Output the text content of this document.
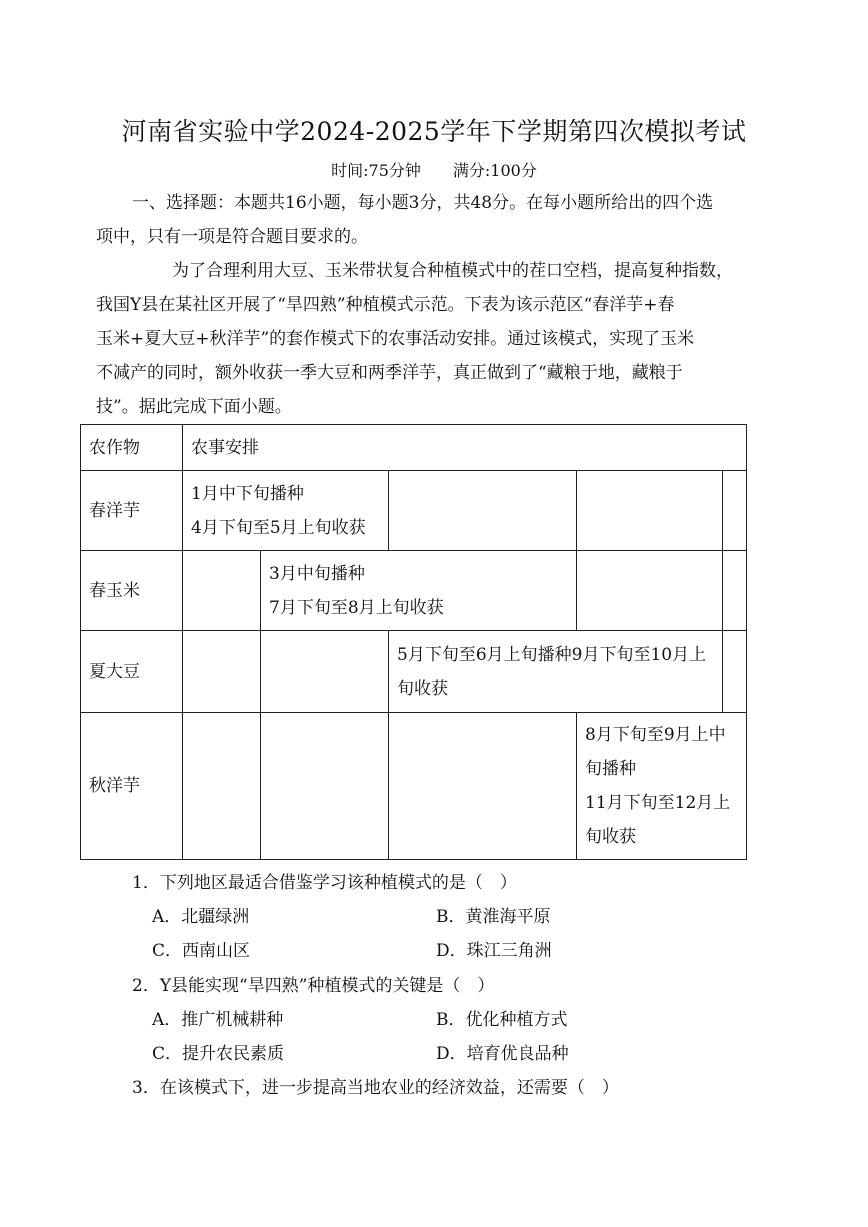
河南省实验中学2024-2025学年下学期第四次模拟考试
时间:75分钟　　满分:100分
一、选择题：本题共16小题，每小题3分，共48分。在每小题所给出的四个选
项中，只有一项是符合题目要求的。
为了合理利用大豆、玉米带状复合种植模式中的茬口空档，提高复种指数，
我国Y县在某社区开展了“旱四熟”种植模式示范。下表为该示范区“春洋芋+春
玉米+夏大豆+秋洋芋”的套作模式下的农事活动安排。通过该模式，实现了玉米
不减产的同时，额外收获一季大豆和两季洋芋，真正做到了“藏粮于地，藏粮于
技”。据此完成下面小题。
农作物	农事安排				
春洋芋	1月中下旬播种
4月下旬至5月上旬收获				

春玉米		3月中旬播种
7月下旬至8月上旬收获			

夏大豆			5月下旬至6月上旬播种9月下旬至10月上旬收获		
秋洋芋				8月下旬至9月上中旬播种
11月下旬至12月上旬收获	
1．下列地区最适合借鉴学习该种植模式的是（　）
A．北疆绿洲	B．黄淮海平原
C．西南山区	D．珠江三角洲
2．Y县能实现“旱四熟”种植模式的关键是（　）
A．推广机械耕种	B．优化种植方式
C．提升农民素质	D．培育优良品种
3．在该模式下，进一步提高当地农业的经济效益，还需要（　）
